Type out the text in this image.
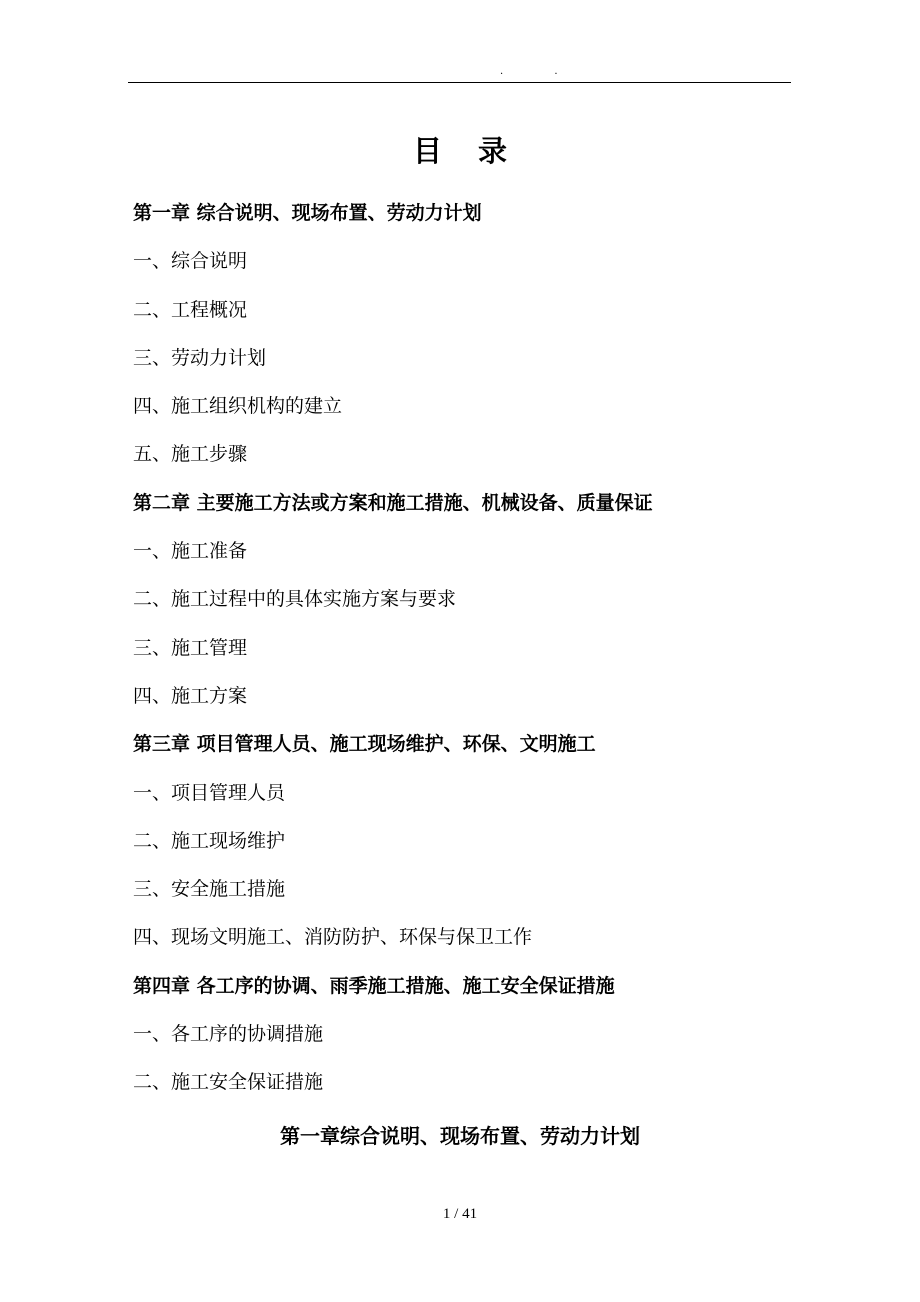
. .
目录
第一章 综合说明、现场布置、劳动力计划
一、综合说明
二、工程概况
三、劳动力计划
四、施工组织机构的建立
五、施工步骤
第二章 主要施工方法或方案和施工措施、机械设备、质量保证
一、施工准备
二、施工过程中的具体实施方案与要求
三、施工管理
四、施工方案
第三章 项目管理人员、施工现场维护、环保、文明施工
一、项目管理人员
二、施工现场维护
三、安全施工措施
四、现场文明施工、消防防护、环保与保卫工作
第四章 各工序的协调、雨季施工措施、施工安全保证措施
一、各工序的协调措施
二、施工安全保证措施
第一章综合说明、现场布置、劳动力计划
1 / 41
